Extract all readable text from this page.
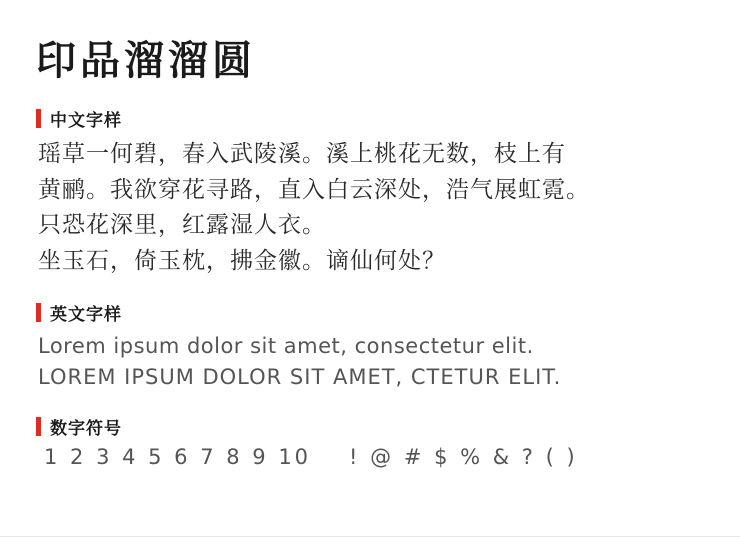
印品溜溜圆
中文字样

瑶草一何碧，春入武陵溪。溪上桃花无数，枝上有

黄鹂。我欲穿花寻路，直入白云深处，浩气展虹霓。

只恐花深里，红露湿人衣。

坐玉石，倚玉枕，拂金徽。谪仙何处？

英文字样
Lorem ipsum dolor sit amet, consectetur elit.
LOREM IPSUM DOLOR SIT AMET, CTETUR ELIT.
数字符号
1 2 3 4 5 6 7 8 9 10 ! @ # $ % & ? ( )
